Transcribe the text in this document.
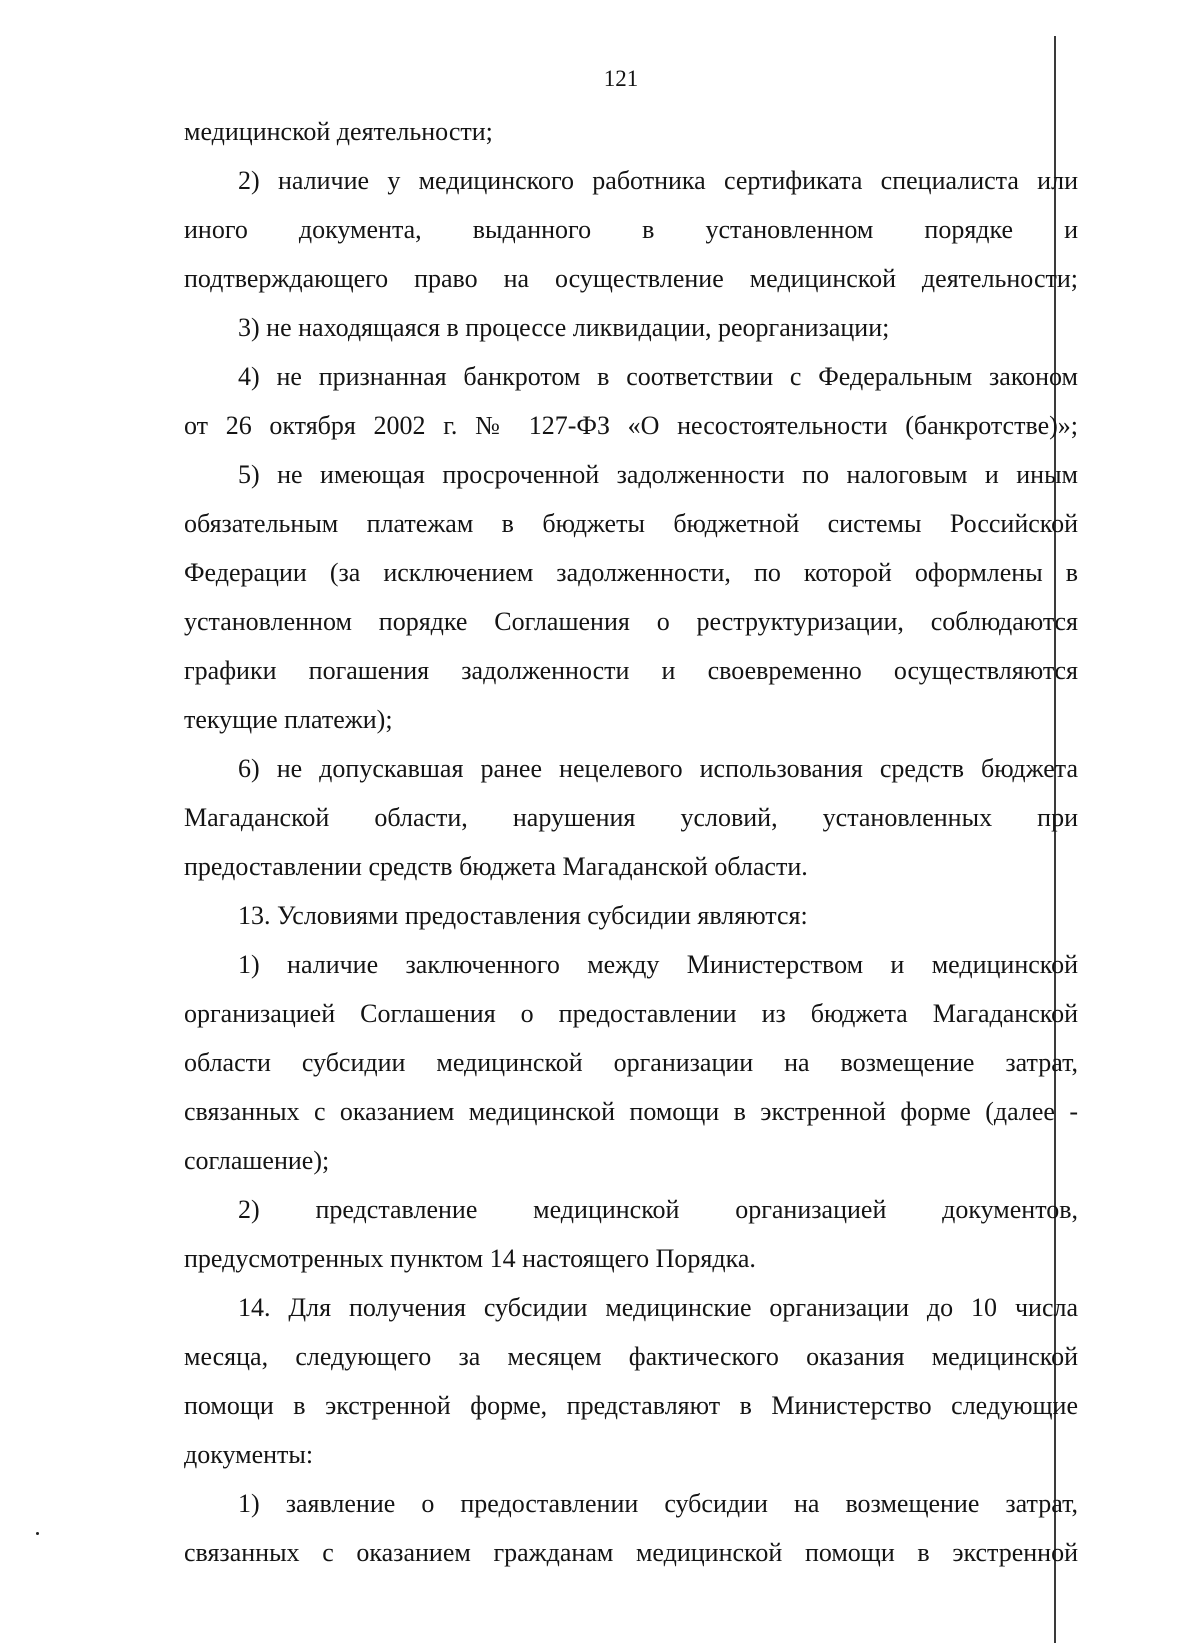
121
медицинской деятельности;
2) наличие у медицинского работника сертификата специалиста или
иного документа, выданного в установленном порядке и
подтверждающего право на осуществление медицинской деятельности;
3) не находящаяся в процессе ликвидации, реорганизации;
4) не признанная банкротом в соответствии с Федеральным законом
от 26 октября 2002 г. № 127-ФЗ «О несостоятельности (банкротстве)»;
5) не имеющая просроченной задолженности по налоговым и иным
обязательным платежам в бюджеты бюджетной системы Российской
Федерации (за исключением задолженности, по которой оформлены в
установленном порядке Соглашения о реструктуризации, соблюдаются
графики погашения задолженности и своевременно осуществляются
текущие платежи);
6) не допускавшая ранее нецелевого использования средств бюджета
Магаданской области, нарушения условий, установленных при
предоставлении средств бюджета Магаданской области.
13. Условиями предоставления субсидии являются:
1) наличие заключенного между Министерством и медицинской
организацией Соглашения о предоставлении из бюджета Магаданской
области субсидии медицинской организации на возмещение затрат,
связанных с оказанием медицинской помощи в экстренной форме (далее -
соглашение);
2) представление медицинской организацией документов,
предусмотренных пунктом 14 настоящего Порядка.
14. Для получения субсидии медицинские организации до 10 числа
месяца, следующего за месяцем фактического оказания медицинской
помощи в экстренной форме, представляют в Министерство следующие
документы:
1) заявление о предоставлении субсидии на возмещение затрат,
связанных с оказанием гражданам медицинской помощи в экстренной
